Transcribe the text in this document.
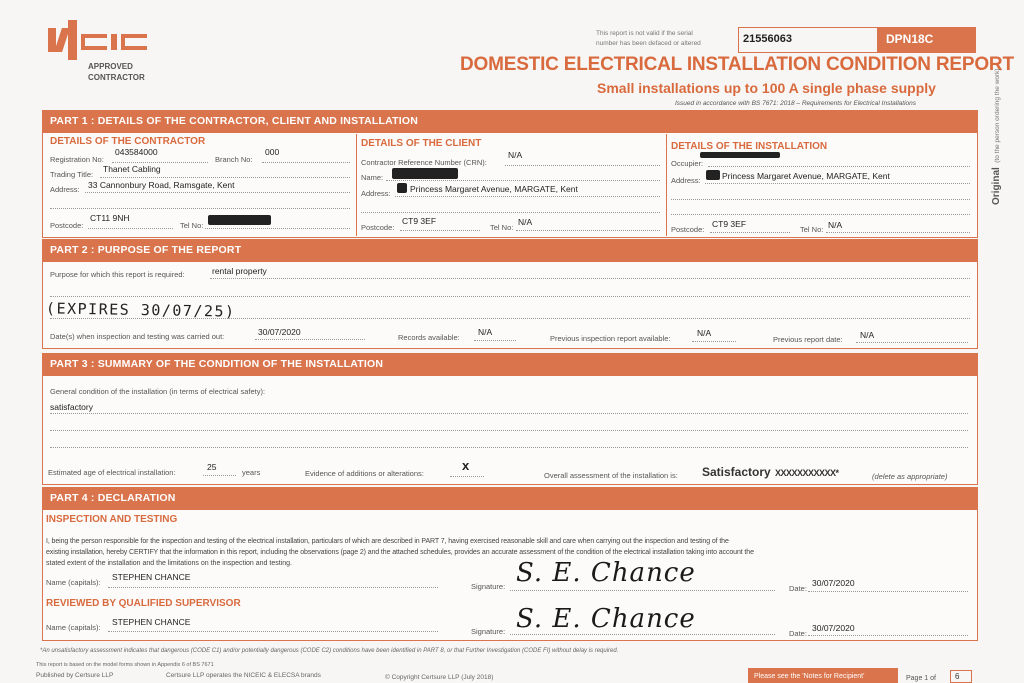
APPROVED
CONTRACTOR
This report is not valid if the serial
number has been defaced or altered	21556063	DPN18C
DOMESTIC ELECTRICAL INSTALLATION CONDITION REPORT
Small installations up to 100 A single phase supply
Issued in accordance with BS 7671: 2018 – Requirements for Electrical Installations
Original (to the person ordering the work)
PART 1 : DETAILS OF THE CONTRACTOR, CLIENT AND INSTALLATION
DETAILS OF THE CONTRACTOR
Registration No:
043584000
Branch No:
000
Trading Title:
Thanet Cabling
Address: 33 Cannonbury Road, Ramsgate, Kent
Postcode:
CT11 9NH
Tel No:
DETAILS OF THE CLIENT
Contractor Reference Number (CRN):
N/A
Name:
Address: Princess Margaret Avenue, MARGATE, Kent
Postcode:
CT9 3EF
Tel No:
N/A
DETAILS OF THE INSTALLATION
Occupier:
Address:	Princess Margaret Avenue, MARGATE, Kent
Postcode:
CT9 3EF
Tel No: N/A
PART 2 : PURPOSE OF THE REPORT
Purpose for which this report is required:	rental property
(EXPIRES 30/07/25)
Date(s) when inspection and testing was carried out:	30/07/2020
Records available:
N/A
Previous inspection report available:
N/A
Previous report date: N/A
PART 3 : SUMMARY OF THE CONDITION OF THE INSTALLATION
General condition of the installation (in terms of electrical safety):
satisfactory
Estimated age of electrical installation:
25
years	Evidence of additions or alterations:
x
Overall assessment of the installation is: Satisfactory XXXXXXXXXXX*	(delete as appropriate)
PART 4 : DECLARATION
INSPECTION AND TESTING
I, being the person responsible for the inspection and testing of the electrical installation, particulars of which are described in PART 7, having exercised reasonable skill and care when carrying out the inspection and testing of the
existing installation, hereby CERTIFY that the information in this report, including the observations (page 2) and the attached schedules, provides an accurate assessment of the condition of the electrical installation taking into account the
stated extent of the installation and the limitations on the inspection and testing.
Name (capitals):
STEPHEN CHANCE
Signature: S. E. Chance
Date:
30/07/2020
REVIEWED BY QUALIFIED SUPERVISOR
Name (capitals):
STEPHEN CHANCE
Signature: S. E. Chance	Date:
30/07/2020
*An unsatisfactory assessment indicates that dangerous (CODE C1) and/or potentially dangerous (CODE C2) conditions have been identified in PART 8, or that Further Investigation (CODE FI) without delay is required.
This report is based on the model forms shown in Appendix 6 of BS 7671
Published by Certsure LLP	Certsure LLP operates the NICEIC & ELECSA brands	© Copyright Certsure LLP (July 2018)	Please see the 'Notes for Recipient'	Page 1 of	6
